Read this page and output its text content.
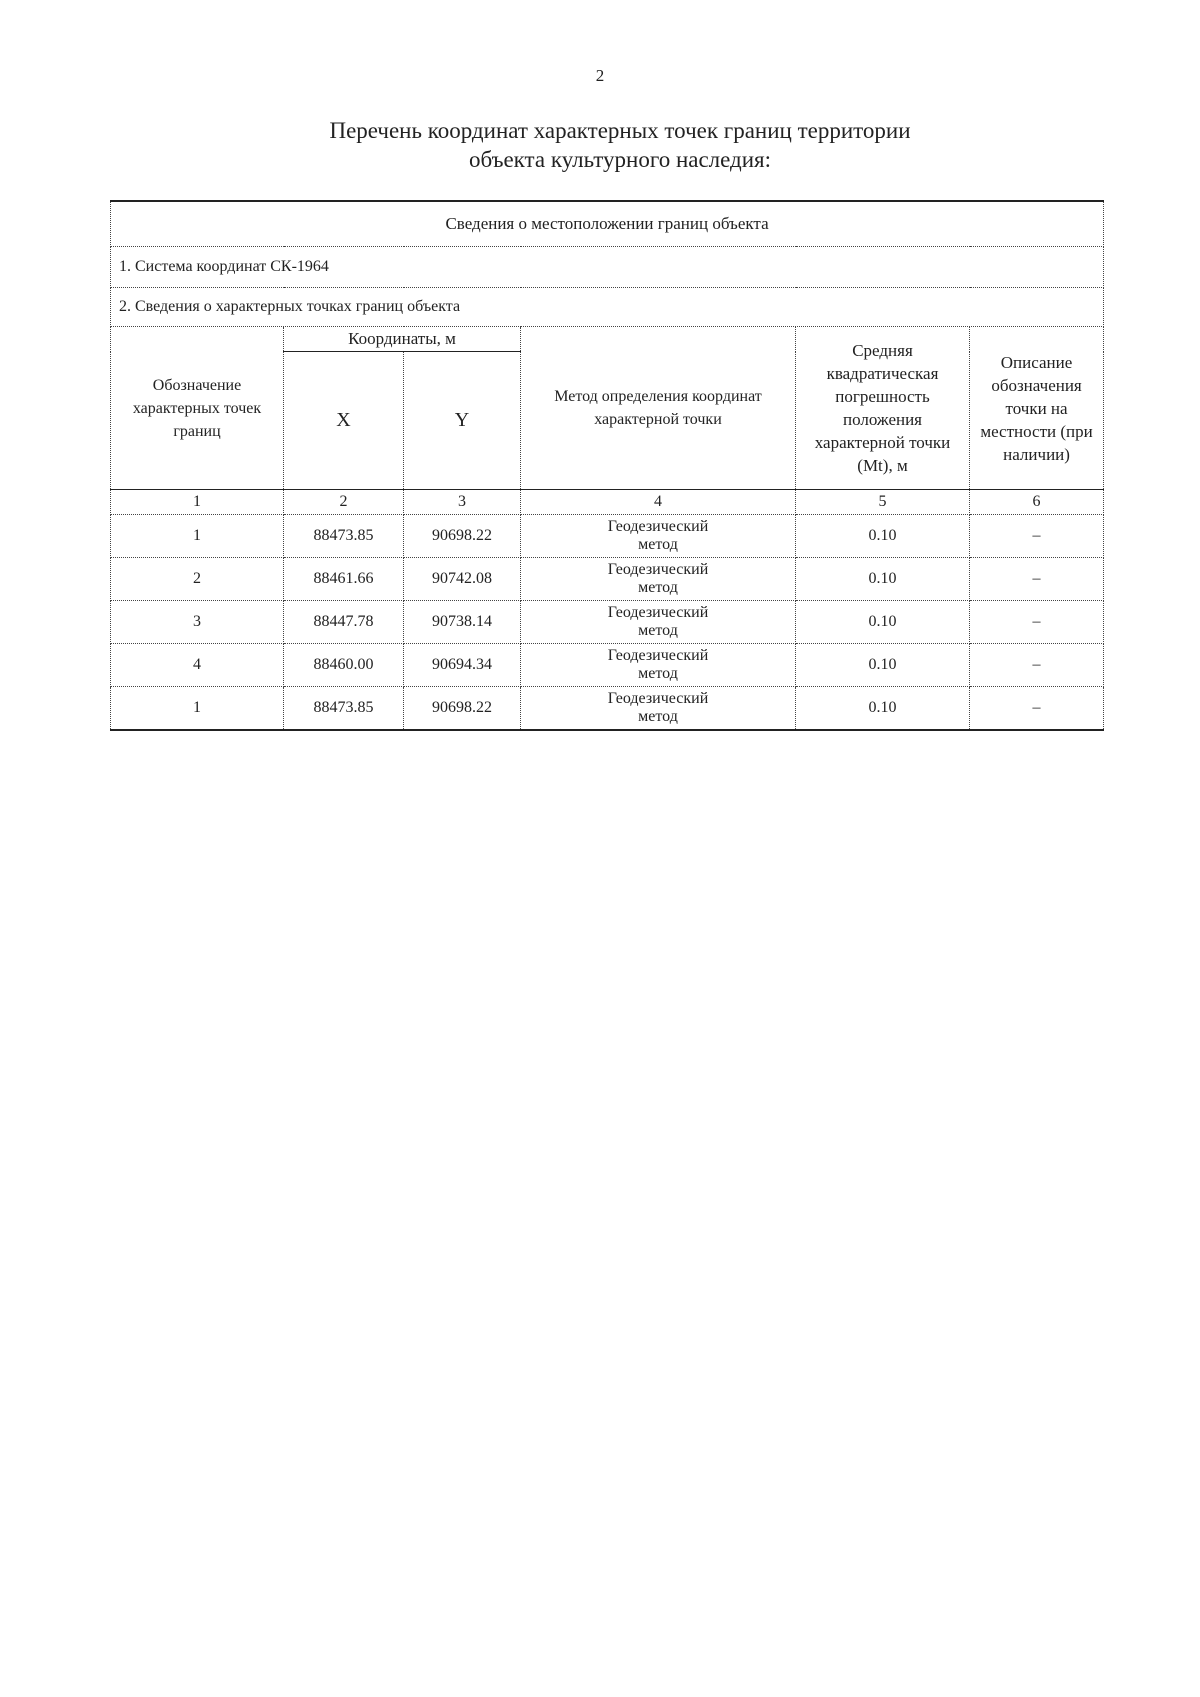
2
Перечень координат характерных точек границ территории
объекта культурного наследия:
Сведения о местоположении границ объекта					
1. Система координат СК-1964					
2. Сведения о характерных точках границ объекта					
Обозначение характерных точек границ	Координаты, м		Метод определения координат характерной точки	Средняя квадратическая погрешность положения характерной точки (Mt), м	Описание обозначения точки на местности (при наличии)
	X	Y			
1	2	3	4	5	6
1	88473.85	90698.22	Геодезический метод	0.10	–
2	88461.66	90742.08	Геодезический метод	0.10	–
3	88447.78	90738.14	Геодезический метод	0.10	–
4	88460.00	90694.34	Геодезический метод	0.10	–
1	88473.85	90698.22	Геодезический метод	0.10	–
